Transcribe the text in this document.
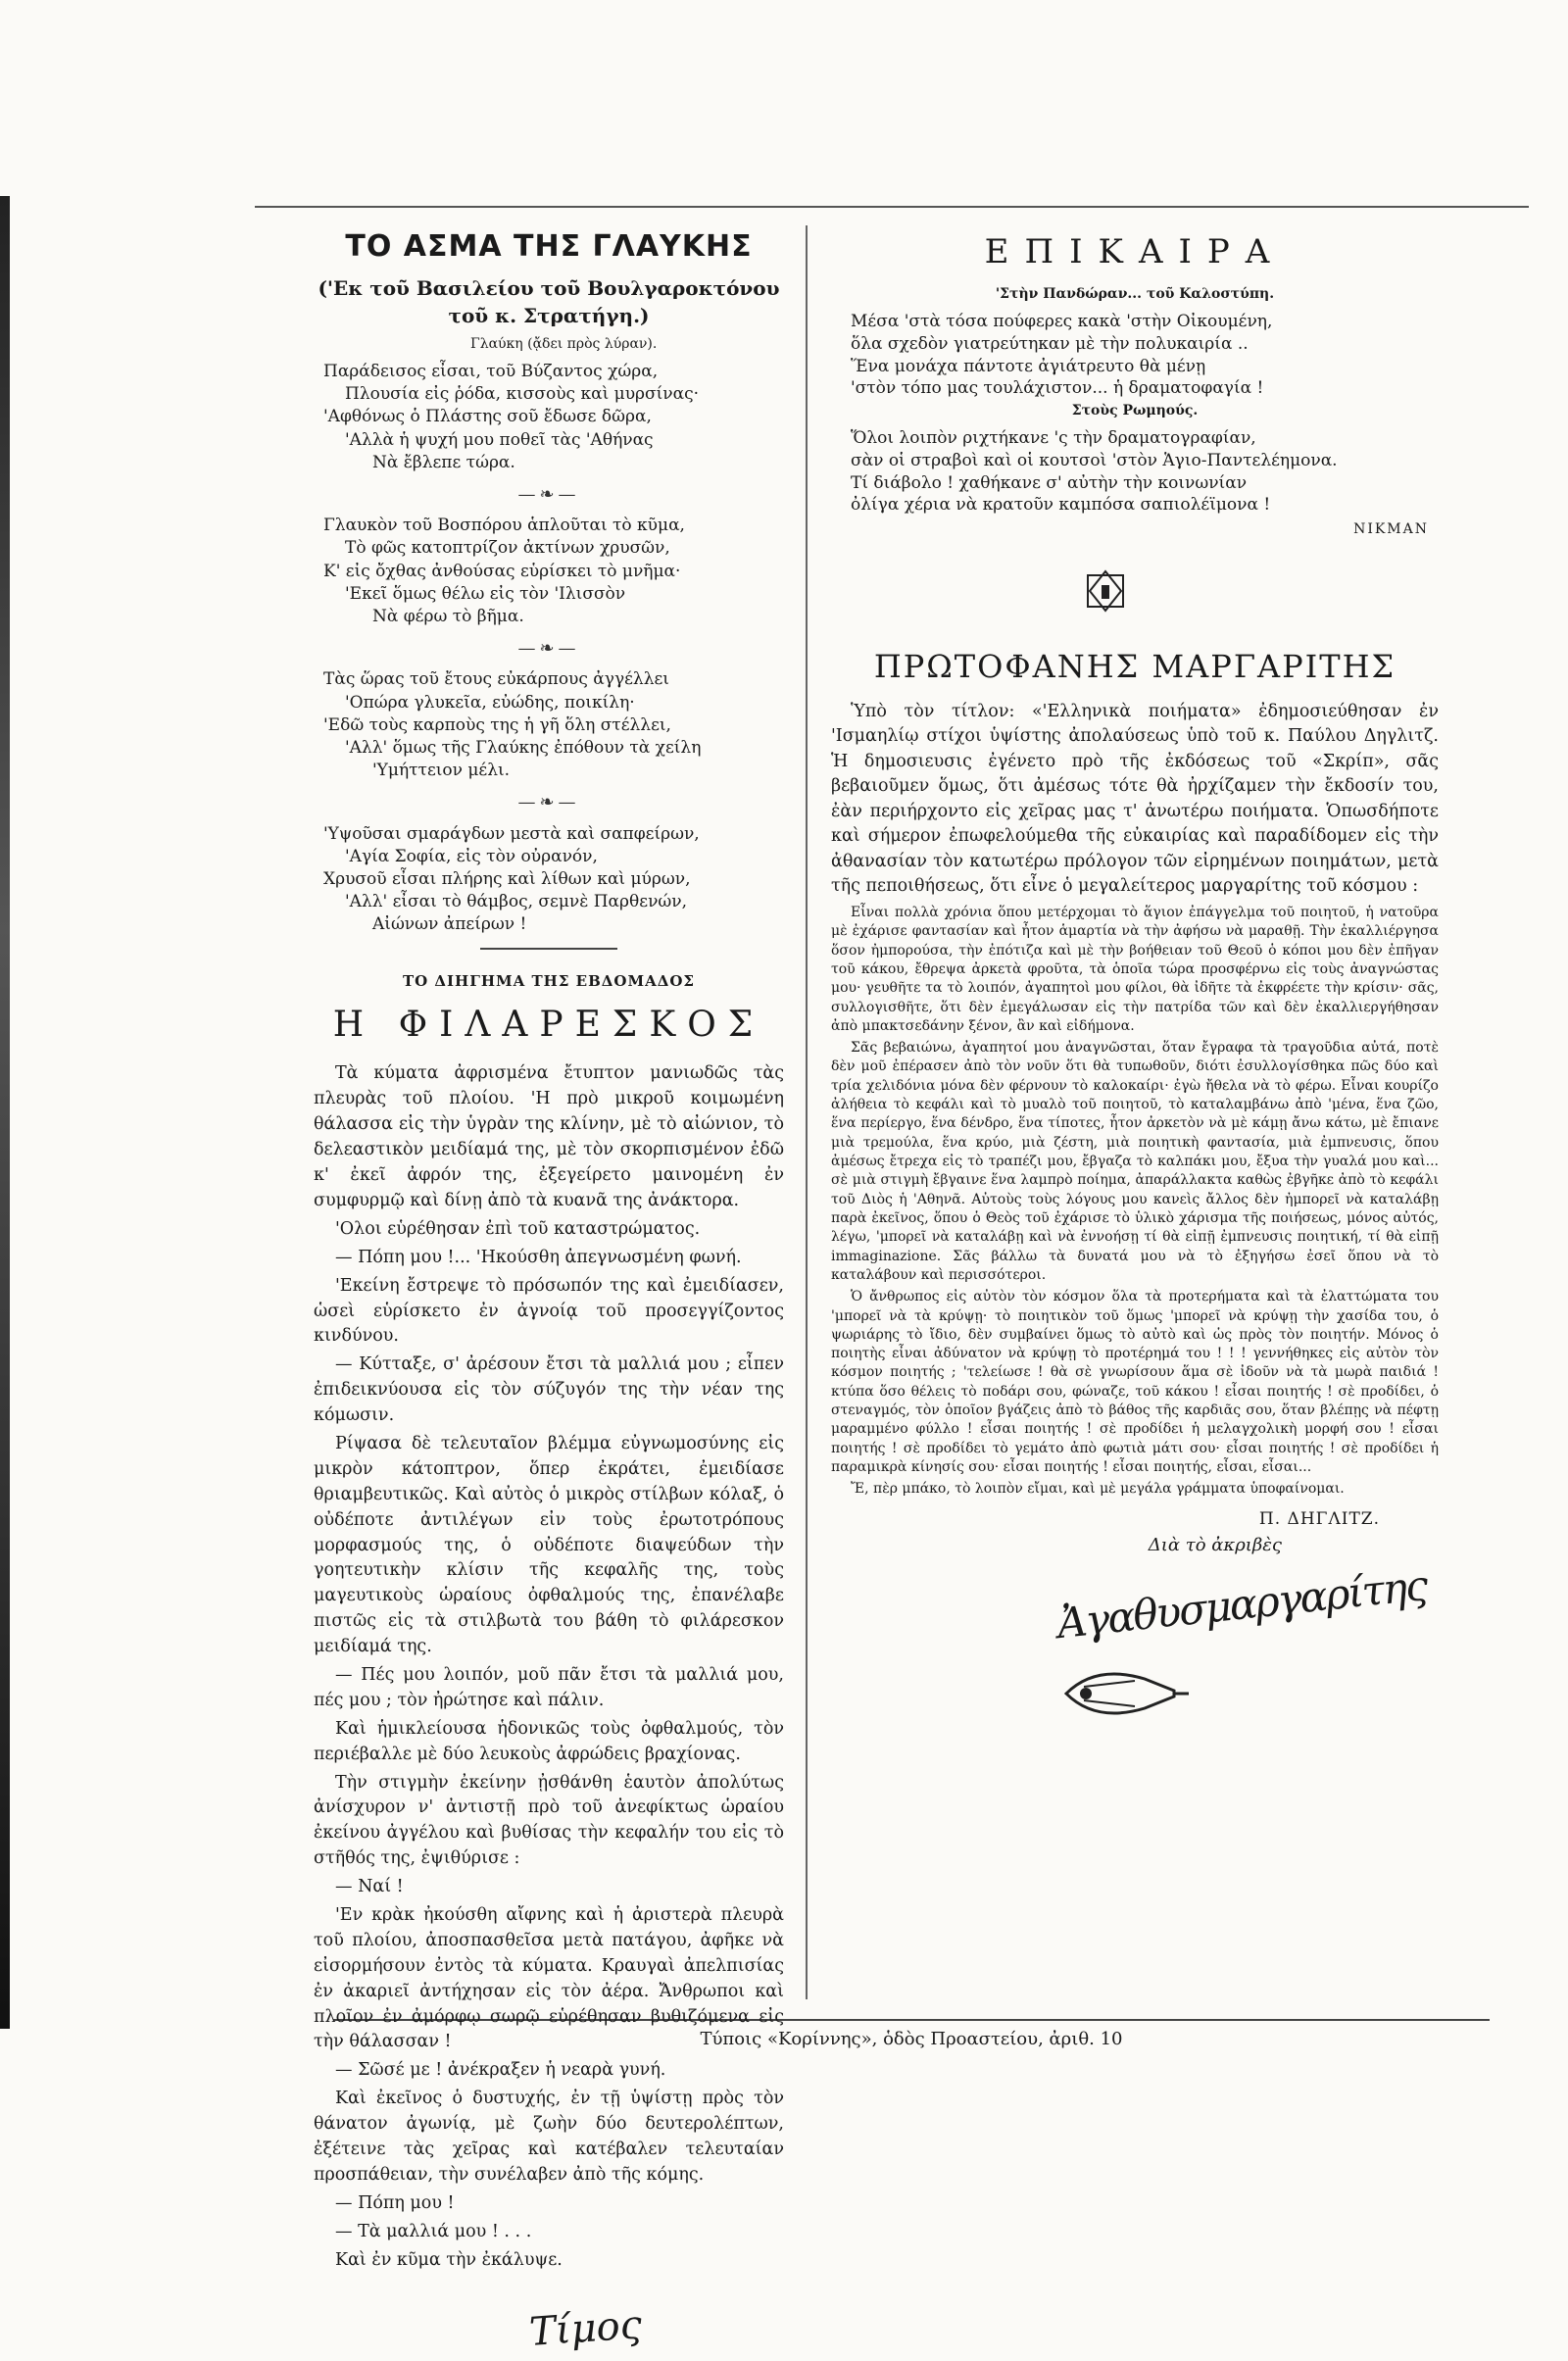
ΤΟ ΑΣΜΑ ΤΗΣ ΓΛΑΥΚΗΣ
('Εκ τοῦ Βασιλείου τοῦ Βουλγαροκτόνου
τοῦ κ. Στρατήγη.)
Γλαύκη (ᾄδει πρὸς λύραν).

Παράδεισος εἶσαι, τοῦ Βύζαντος χώρα,

Πλουσία εἰς ῥόδα, κισσοὺς καὶ μυρσίνας·

'Αφθόνως ὁ Πλάστης σοῦ ἔδωσε δῶρα,

'Αλλὰ ἡ ψυχή μου ποθεῖ τὰς 'Αθήνας

Νὰ ἔβλεπε τώρα.

—❧—

Γλαυκὸν τοῦ Βοσπόρου ἁπλοῦται τὸ κῦμα,

Τὸ φῶς κατοπτρίζον ἀκτίνων χρυσῶν,

Κ' εἰς ὄχθας ἀνθούσας εὑρίσκει τὸ μνῆμα·

'Εκεῖ ὅμως θέλω εἰς τὸν 'Ιλισσὸν

Νὰ φέρω τὸ βῆμα.

—❧—

Τὰς ὥρας τοῦ ἔτους εὐκάρπους ἀγγέλλει

'Οπώρα γλυκεῖα, εὐώδης, ποικίλη·

'Εδῶ τοὺς καρποὺς της ἡ γῆ ὅλη στέλλει,

'Αλλ' ὅμως τῆς Γλαύκης ἐπόθουν τὰ χείλη

'Υμήττειον μέλι.

—❧—

'Υψοῦσαι σμαράγδων μεστὰ καὶ σαπφείρων,

'Αγία Σοφία, εἰς τὸν οὐρανόν,

Χρυσοῦ εἶσαι πλήρης καὶ λίθων καὶ μύρων,

'Αλλ' εἶσαι τὸ θάμβος, σεμνὲ Παρθενών,

Αἰώνων ἀπείρων !

ΤΟ ΔΙΗΓΗΜΑ ΤΗΣ ΕΒΔΟΜΑΔΟΣ
Η ΦΙΛΑΡΕΣΚΟΣ

Τὰ κύματα ἀφρισμένα ἔτυπτον μανιωδῶς τὰς πλευρὰς τοῦ πλοίου. 'Η πρὸ μικροῦ κοιμωμένη θάλασσα εἰς τὴν ὑγρὰν της κλίνην, μὲ τὸ αἰώνιον, τὸ δελεαστικὸν μειδίαμά της, μὲ τὸν σκορπισμένον ἐδῶ κ' ἐκεῖ ἀφρόν της, ἐξεγείρετο μαινομένη ἐν συμφυρμῷ καὶ δίνῃ ἀπὸ τὰ κυανᾶ της ἀνάκτορα.

'Ολοι εὑρέθησαν ἐπὶ τοῦ καταστρώματος.

— Πόπη μου !... 'Ηκούσθη ἀπεγνωσμένη φωνή.

'Εκείνη ἔστρεψε τὸ πρόσωπόν της καὶ ἐμειδίασεν, ὡσεὶ εὑρίσκετο ἐν ἀγνοίᾳ τοῦ προσεγγίζοντος κινδύνου.

— Κύτταξε, σ' ἀρέσουν ἔτσι τὰ μαλλιά μου ; εἶπεν ἐπιδεικνύουσα εἰς τὸν σύζυγόν της τὴν νέαν της κόμωσιν.

Ρίψασα δὲ τελευταῖον βλέμμα εὐγνωμοσύνης εἰς μικρὸν κάτοπτρον, ὅπερ ἐκράτει, ἐμειδίασε θριαμβευτικῶς. Καὶ αὐτὸς ὁ μικρὸς στίλβων κόλαξ, ὁ οὐδέποτε ἀντιλέγων εἰν τοὺς ἐρωτοτρόπους μορφασμούς της, ὁ οὐδέποτε διαψεύδων τὴν γοητευτικὴν κλίσιν τῆς κεφαλῆς της, τοὺς μαγευτικοὺς ὡραίους ὀφθαλμούς της, ἐπανέλαβε πιστῶς εἰς τὰ στιλβωτὰ του βάθη τὸ φιλάρεσκον μειδίαμά της.

— Πές μου λοιπόν, μοῦ πᾶν ἔτσι τὰ μαλλιά μου, πές μου ; τὸν ἠρώτησε καὶ πάλιν.

Καὶ ἡμικλείουσα ἡδονικῶς τοὺς ὀφθαλμούς, τὸν περιέβαλλε μὲ δύο λευκοὺς ἀφρώδεις βραχίονας.

Τὴν στιγμὴν ἐκείνην ᾐσθάνθη ἑαυτὸν ἀπολύτως ἀνίσχυρον ν' ἀντιστῇ πρὸ τοῦ ἀνεφίκτως ὡραίου ἐκείνου ἀγγέλου καὶ βυθίσας τὴν κεφαλήν του εἰς τὸ στῆθός της, ἐψιθύρισε :

— Ναί !

'Εν κρὰκ ἠκούσθη αἴφνης καὶ ἡ ἀριστερὰ πλευρὰ τοῦ πλοίου, ἀποσπασθεῖσα μετὰ πατάγου, ἀφῆκε νὰ εἰσορμήσουν ἐντὸς τὰ κύματα. Κραυγαὶ ἀπελπισίας ἐν ἀκαριεῖ ἀντήχησαν εἰς τὸν ἀέρα. Ἄνθρωποι καὶ πλοῖον ἐν ἀμόρφῳ σωρῷ εὑρέθησαν βυθιζόμενα εἰς τὴν θάλασσαν !

— Σῶσέ με ! ἀνέκραξεν ἡ νεαρὰ γυνή.

Καὶ ἐκεῖνος ὁ δυστυχής, ἐν τῇ ὑψίστῃ πρὸς τὸν θάνατον ἀγωνίᾳ, μὲ ζωὴν δύο δευτερολέπτων, ἐξέτεινε τὰς χεῖρας καὶ κατέβαλεν τελευταίαν προσπάθειαν, τὴν συνέλαβεν ἀπὸ τῆς κόμης.

— Πόπη μου !

— Τὰ μαλλιά μου ! . . .

Καὶ ἐν κῦμα τὴν ἐκάλυψε.

Τίμος
ΕΠΙΚΑΙΡΑ
'Στὴν Πανδώραν... τοῦ Καλοστύπη.

Μέσα 'στὰ τόσα πούφερες κακὰ 'στὴν Οἰκουμένη,

ὅλα σχεδὸν γιατρεύτηκαν μὲ τὴν πολυκαιρία ..

Ἕνα μονάχα πάντοτε ἀγιάτρευτο θὰ μένῃ

'στὸν τόπο μας τουλάχιστον... ἡ δραματοφαγία !

Στοὺς Ρωμηούς.

Ὅλοι λοιπὸν ριχτήκανε 'ς τὴν δραματογραφίαν,

σὰν οἱ στραβοὶ καὶ οἱ κουτσοὶ 'στὸν Ἁγιο-Παντελέημονα.

Τί διάβολο ! χαθήκανε σ' αὐτὴν τὴν κοινωνίαν

ὀλίγα χέρια νὰ κρατοῦν καμπόσα σαπιολέϊμονα !

ΝΙΚΜΑΝ
ΠΡΩΤΟΦΑΝΗΣ ΜΑΡΓΑΡΙΤΗΣ

Ὑπὸ τὸν τίτλον: «'Ελληνικὰ ποιήματα» ἐδημοσιεύθησαν ἐν 'Ισμαηλίῳ στίχοι ὑψίστης ἀπολαύσεως ὑπὸ τοῦ κ. Παύλου Δηγλιτζ. Ἡ δημοσιευσις ἐγένετο πρὸ τῆς ἐκδόσεως τοῦ «Σκρίπ», σᾶς βεβαιοῦμεν ὅμως, ὅτι ἀμέσως τότε θὰ ἠρχίζαμεν τὴν ἔκδοσίν του, ἐὰν περιήρχοντο εἰς χεῖρας μας τ' ἀνωτέρω ποιήματα. Ὁπωσδήποτε καὶ σήμερον ἐπωφελούμεθα τῆς εὐκαιρίας καὶ παραδίδομεν εἰς τὴν ἀθανασίαν τὸν κατωτέρω πρόλογον τῶν εἰρημένων ποιημάτων, μετὰ τῆς πεποιθήσεως, ὅτι εἶνε ὁ μεγαλείτερος μαργαρίτης τοῦ κόσμου :

Εἶναι πολλὰ χρόνια ὅπου μετέρχομαι τὸ ἅγιον ἐπάγγελμα τοῦ ποιητοῦ, ἡ νατοῦρα μὲ ἐχάρισε φαντασίαν καὶ ἦτον ἁμαρτία νὰ τὴν ἀφήσω νὰ μαραθῇ. Τὴν ἐκαλλιέργησα ὅσον ἠμπορούσα, τὴν ἐπότιζα καὶ μὲ τὴν βοήθειαν τοῦ Θεοῦ ὁ κόποι μου δὲν ἐπῆγαν τοῦ κάκου, ἔθρεψα ἀρκετὰ φροῦτα, τὰ ὁποῖα τώρα προσφέρνω εἰς τοὺς ἀναγνώστας μου· γευθῆτε τα τὸ λοιπόν, ἀγαπητοὶ μου φίλοι, θὰ ἰδῆτε τὰ ἐκφρέετε τὴν κρίσιν· σᾶς, συλλογισθῆτε, ὅτι δὲν ἐμεγάλωσαν εἰς τὴν πατρίδα τῶν καὶ δὲν ἐκαλλιεργήθησαν ἀπὸ μπακτσεδάνην ξένον, ἂν καὶ εἰδήμονα.

Σᾶς βεβαιώνω, ἀγαπητοί μου ἀναγνῶσται, ὅταν ἔγραφα τὰ τραγοῦδια αὐτά, ποτὲ δὲν μοῦ ἐπέρασεν ἀπὸ τὸν νοῦν ὅτι θὰ τυπωθοῦν, διότι ἐσυλλογίσθηκα πῶς δύο καὶ τρία χελιδόνια μόνα δὲν φέρνουν τὸ καλοκαίρι· ἐγὼ ἤθελα νὰ τὸ φέρω. Εἶναι κουρίζο ἀλήθεια τὸ κεφάλι καὶ τὸ μυαλὸ τοῦ ποιητοῦ, τὸ καταλαμβάνω ἀπὸ 'μένα, ἕνα ζῶο, ἕνα περίεργο, ἕνα δένδρο, ἕνα τίποτες, ἦτον ἀρκετὸν νὰ μὲ κάμῃ ἄνω κάτω, μὲ ἔπιανε μιὰ τρεμούλα, ἕνα κρύο, μιὰ ζέστη, μιὰ ποιητικὴ φαντασία, μιὰ ἐμπνευσις, ὅπου ἀμέσως ἔτρεχα εἰς τὸ τραπέζι μου, ἔβγαζα τὸ καλπάκι μου, ἔξυα τὴν γυαλά μου καὶ... σὲ μιὰ στιγμὴ ἔβγαινε ἕνα λαμπρὸ ποίημα, ἀπαράλλακτα καθὼς ἐβγῆκε ἀπὸ τὸ κεφάλι τοῦ Διὸς ἡ 'Αθηνᾶ. Αὐτοὺς τοὺς λόγους μου κανεὶς ἄλλος δὲν ἠμπορεῖ νὰ καταλάβῃ παρὰ ἐκεῖνος, ὅπου ὁ Θεὸς τοῦ ἐχάρισε τὸ ὑλικὸ χάρισμα τῆς ποιήσεως, μόνος αὐτός, λέγω, 'μπορεῖ νὰ καταλάβῃ καὶ νὰ ἐννοήσῃ τί θὰ εἰπῇ ἐμπνευσις ποιητική, τί θὰ εἰπῇ immaginazione. Σᾶς βάλλω τὰ δυνατά μου νὰ τὸ ἐξηγήσω ἐσεῖ ὅπου νὰ τὸ καταλάβουν καὶ περισσότεροι.

Ὁ ἄνθρωπος εἰς αὐτὸν τὸν κόσμον ὅλα τὰ προτερήματα καὶ τὰ ἐλαττώματα του 'μπορεῖ νὰ τὰ κρύψῃ· τὸ ποιητικὸν τοῦ ὅμως 'μπορεῖ νὰ κρύψῃ τὴν χασίδα του, ὁ ψωριάρης τὸ ἴδιο, δὲν συμβαίνει ὅμως τὸ αὐτὸ καὶ ὡς πρὸς τὸν ποιητήν. Μόνος ὁ ποιητὴς εἶναι ἀδύνατον νὰ κρύψῃ τὸ προτέρημά του ! ! ! γεννήθηκες εἰς αὐτὸν τὸν κόσμον ποιητής ; 'τελείωσε ! θὰ σὲ γνωρίσουν ἅμα σὲ ἰδοῦν νὰ τὰ μωρὰ παιδιά ! κτύπα ὅσο θέλεις τὸ ποδάρι σου, φώναζε, τοῦ κάκου ! εἶσαι ποιητής ! σὲ προδίδει, ὁ στεναγμός, τὸν ὁποῖον βγάζεις ἀπὸ τὸ βάθος τῆς καρδιᾶς σου, ὅταν βλέπῃς νὰ πέφτῃ μαραμμένο φύλλο ! εἶσαι ποιητής ! σὲ προδίδει ἡ μελαγχολικὴ μορφή σου ! εἶσαι ποιητής ! σὲ προδίδει τὸ γεμάτο ἀπὸ φωτιὰ μάτι σου· εἶσαι ποιητής ! σὲ προδίδει ἡ παραμικρὰ κίνησίς σου· εἶσαι ποιητής ! εἶσαι ποιητής, εἶσαι, εἶσαι...

Ἔ, πὲρ μπάκο, τὸ λοιπὸν εἴμαι, καὶ μὲ μεγάλα γράμματα ὑποφαίνομαι.

Π. ΔΗΓΛΙΤΖ.
Διὰ τὸ ἀκριβὲς
Ἀγαθυσμαργαρίτης
Τύποις «Κορίννης», ὁδὸς Προαστείου, ἀριθ. 10
